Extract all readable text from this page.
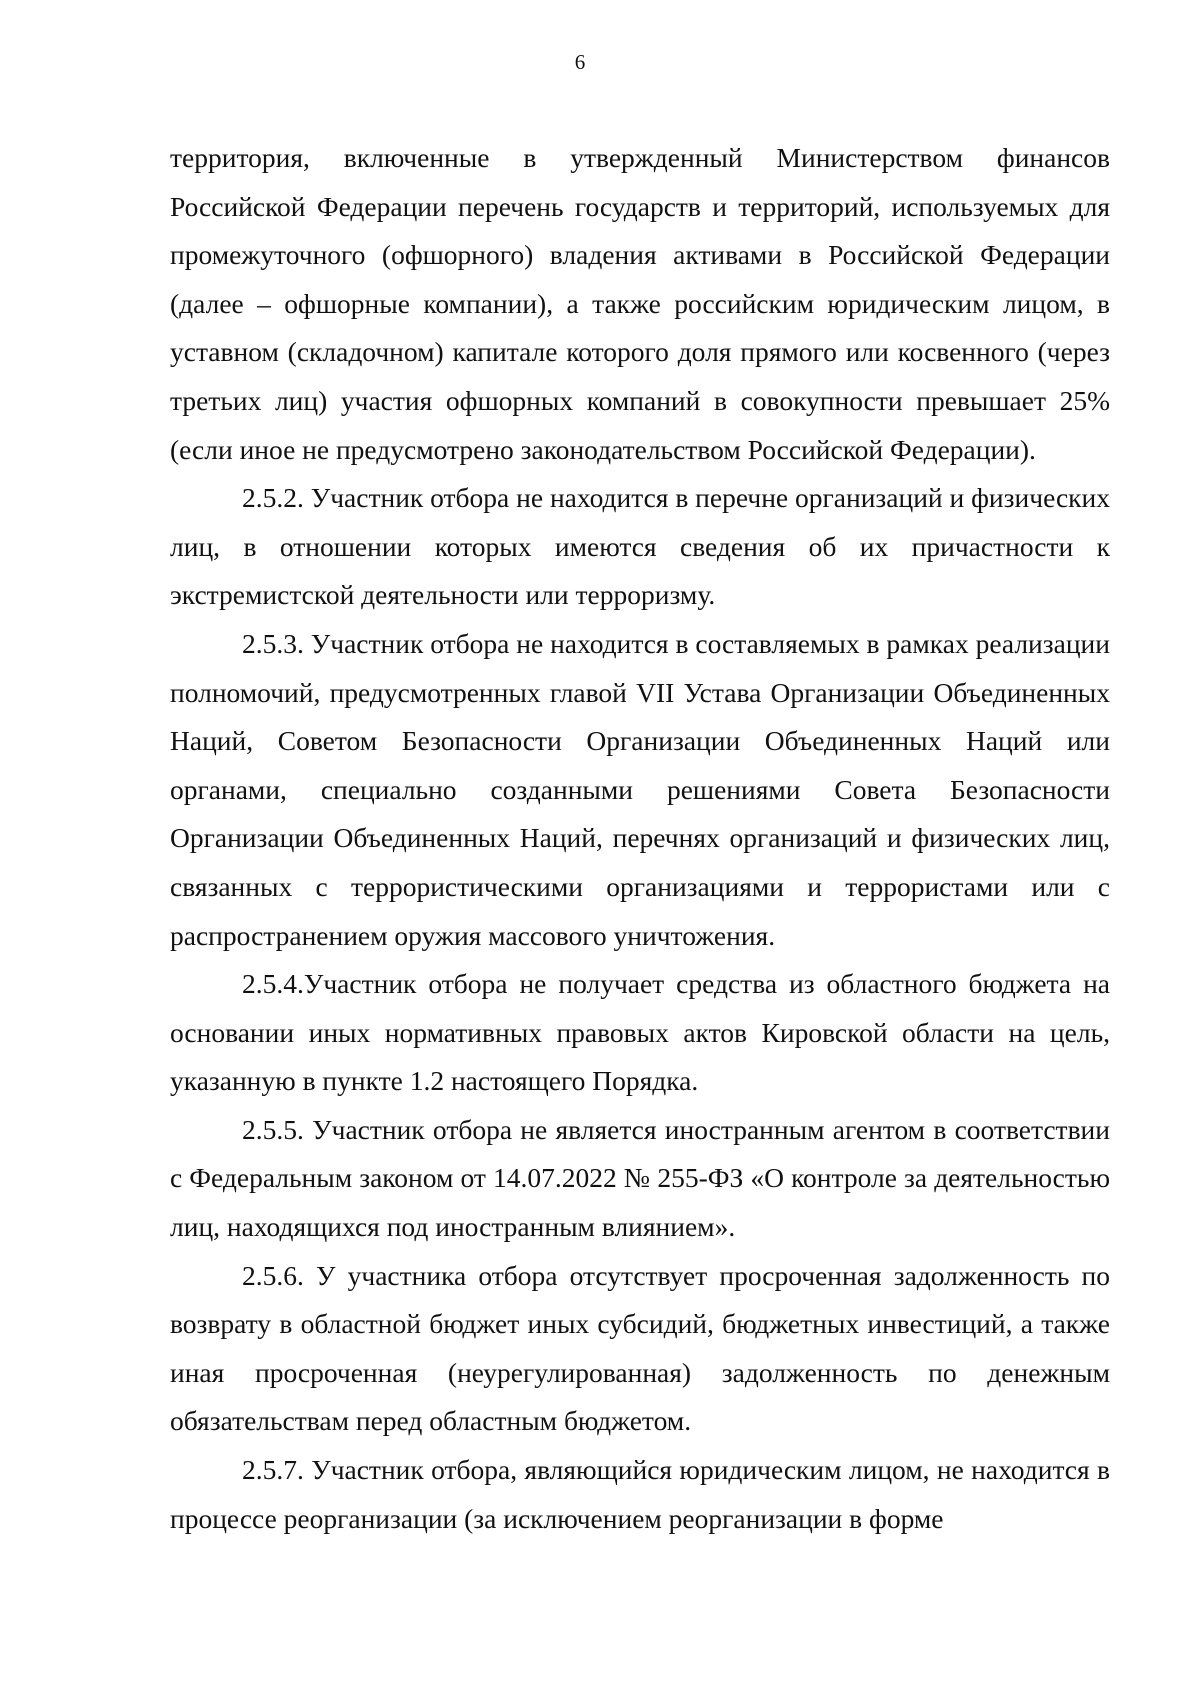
6

территория, включенные в утвержденный Министерством финансов Российской Федерации перечень государств и территорий, используемых для промежуточного (офшорного) владения активами в Российской Федерации (далее – офшорные компании), а также российским юридическим лицом, в уставном (складочном) капитале которого доля прямого или косвенного (через третьих лиц) участия офшорных компаний в совокупности превышает 25% (если иное не предусмотрено законодательством Российской Федерации).

2.5.2. Участник отбора не находится в перечне организаций и физических лиц, в отношении которых имеются сведения об их причастности к экстремистской деятельности или терроризму.

2.5.3. Участник отбора не находится в составляемых в рамках реализации полномочий, предусмотренных главой VII Устава Организации Объединенных Наций, Советом Безопасности Организации Объединенных Наций или органами, специально созданными решениями Совета Безопасности Организации Объединенных Наций, перечнях организаций и физических лиц, связанных с террористическими организациями и террористами или с распространением оружия массового уничтожения.

2.5.4.Участник отбора не получает средства из областного бюджета на основании иных нормативных правовых актов Кировской области на цель, указанную в пункте 1.2 настоящего Порядка.

2.5.5. Участник отбора не является иностранным агентом в соответствии с Федеральным законом от 14.07.2022 № 255-ФЗ «О контроле за деятельностью лиц, находящихся под иностранным влиянием».

2.5.6. У участника отбора отсутствует просроченная задолженность по возврату в областной бюджет иных субсидий, бюджетных инвестиций, а также иная просроченная (неурегулированная) задолженность по денежным обязательствам перед областным бюджетом.

2.5.7. Участник отбора, являющийся юридическим лицом, не находится в процессе реорганизации (за исключением реорганизации в форме
